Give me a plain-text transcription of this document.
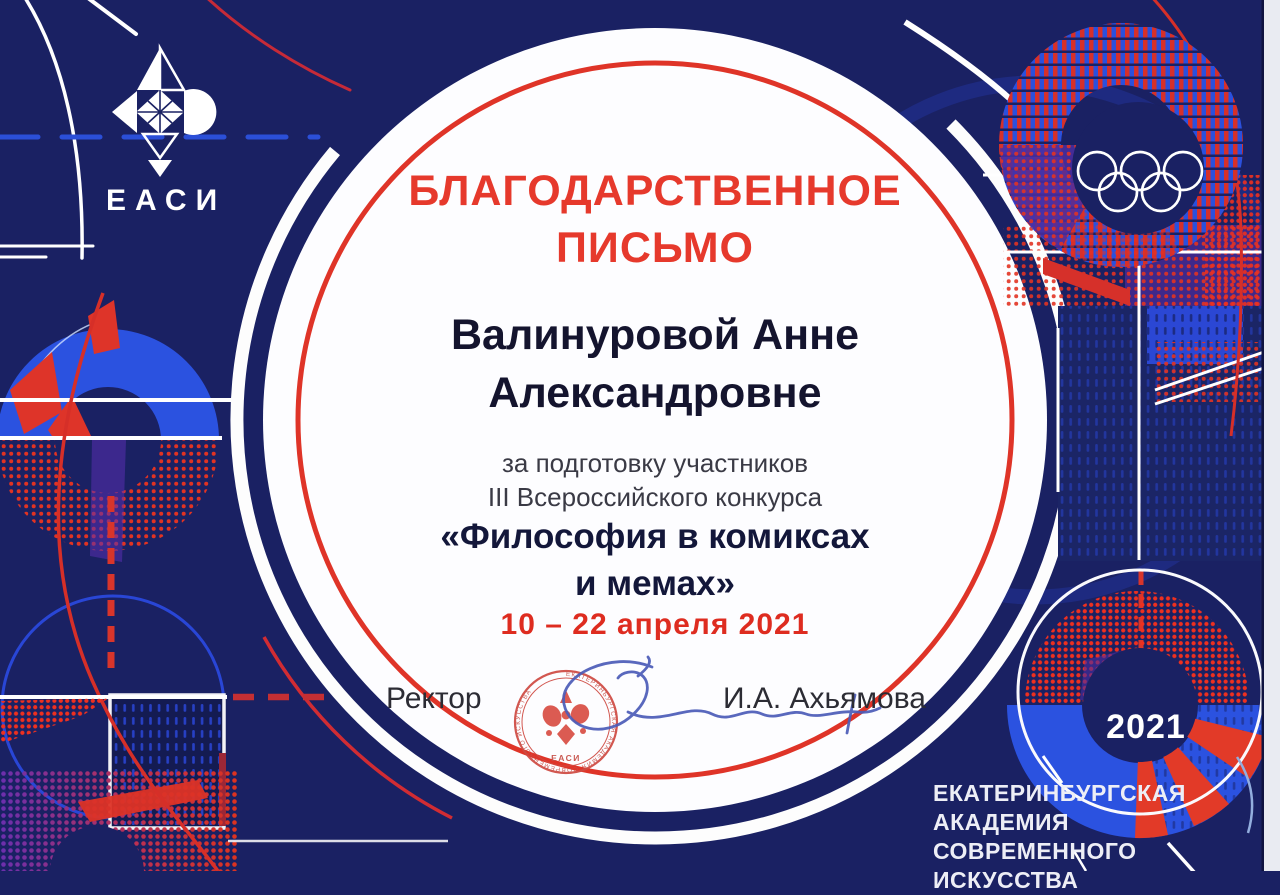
ЕКАТЕРИНБУРГСКАЯ АКАДЕМИЯ СОВРЕМЕННОГО ИСКУССТВА
ЕАСИ
БЛАГОДАРСТВЕННОЕ
ПИСЬМО
Валинуровой Анне
Александровне
за подготовку участников
III Всероссийского конкурса
«Философия в комиксах
и мемах»
10 – 22 апреля 2021
Ректор	И.А. Ахьямова
2021
ЕКАТЕРИНБУРГСКАЯ
АКАДЕМИЯ
СОВРЕМЕННОГО
ИСКУССТВА
ЕАСИ
